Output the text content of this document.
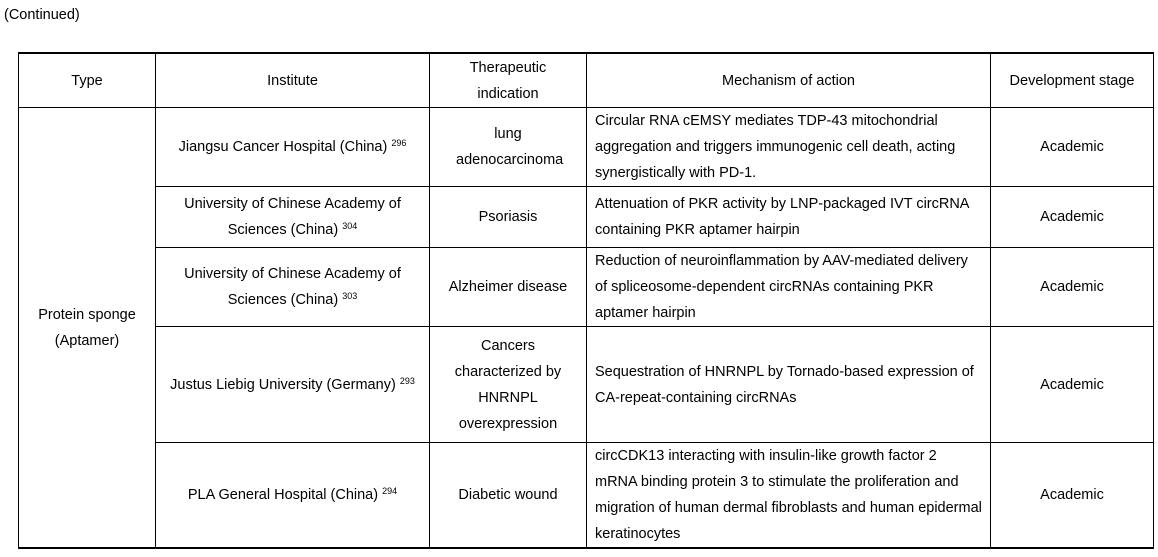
(Continued)
Type	Institute	Therapeutic indication	Mechanism of action	Development stage
Protein sponge (Aptamer)	Jiangsu Cancer Hospital (China) $^{296}$	lung adenocarcinoma	Circular RNA cEMSY mediates TDP-43 mitochondrial aggregation and triggers immunogenic cell death, acting synergistically with PD-1.	Academic
	University of Chinese Academy of Sciences (China) $^{304}$	Psoriasis	Attenuation of PKR activity by LNP-packaged IVT circRNA containing PKR aptamer hairpin	Academic
	University of Chinese Academy of Sciences (China) $^{303}$	Alzheimer disease	Reduction of neuroinflammation by AAV-mediated delivery of spliceosome-dependent circRNAs containing PKR aptamer hairpin	Academic
	Justus Liebig University (Germany) $^{293}$	Cancers characterized by HNRNPL overexpression	Sequestration of HNRNPL by Tornado-based expression of CA-repeat-containing circRNAs	Academic
	PLA General Hospital (China) $^{294}$	Diabetic wound	circCDK13 interacting with insulin-like growth factor 2 mRNA binding protein 3 to stimulate the proliferation and migration of human dermal fibroblasts and human epidermal keratinocytes	Academic
